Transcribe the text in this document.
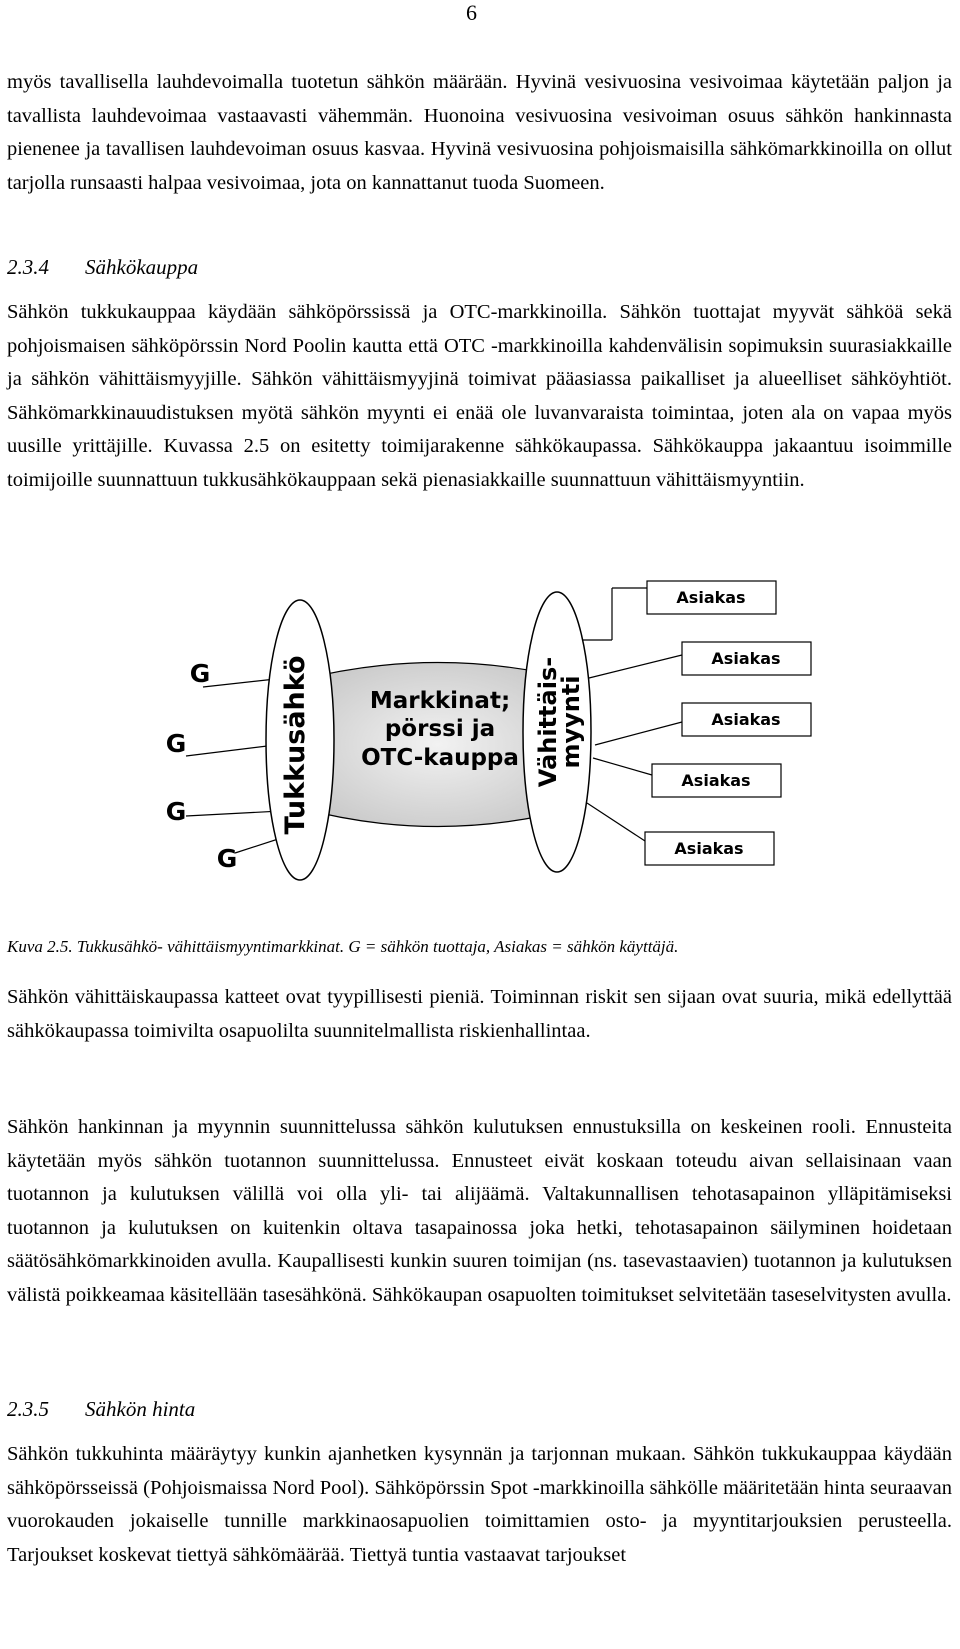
6

myös tavallisella lauhdevoimalla tuotetun sähkön määrään. Hyvinä vesivuosina vesivoimaa käytetään paljon ja tavallista lauhdevoimaa vastaavasti vähemmän. Huonoina vesivuosina vesivoiman osuus sähkön hankinnasta pienenee ja tavallisen lauhdevoiman osuus kasvaa. Hyvinä vesivuosina pohjoismaisilla sähkömarkkinoilla on ollut tarjolla runsaasti halpaa vesivoimaa, jota on kannattanut tuoda Suomeen.

2.3.4 Sähkökauppa

Sähkön tukkukauppaa käydään sähköpörssissä ja OTC-markkinoilla. Sähkön tuottajat myyvät sähköä sekä pohjoismaisen sähköpörssin Nord Poolin kautta että OTC -markkinoilla kahdenvälisin sopimuksin suurasiakkaille ja sähkön vähittäismyyjille. Sähkön vähittäismyyjinä toimivat pääasiassa paikalliset ja alueelliset sähköyhtiöt. Sähkömarkkinauudistuksen myötä sähkön myynti ei enää ole luvanvaraista toimintaa, joten ala on vapaa myös uusille yrittäjille. Kuvassa 2.5 on esitetty toimijarakenne sähkökaupassa. Sähkökauppa jakaantuu isoimmille toimijoille suunnattuun tukkusähkökauppaan sekä pienasiakkaille suunnattuun vähittäismyyntiin.

Markkinat;
pörssi ja
OTC-kauppa
Tukkusähkö	Vähittäis-
myynti
G
G
G
G
Asiakas
Asiakas
Asiakas
Asiakas
Asiakas

Kuva 2.5. Tukkusähkö- vähittäismyyntimarkkinat. G = sähkön tuottaja, Asiakas = sähkön käyttäjä.

Sähkön vähittäiskaupassa katteet ovat tyypillisesti pieniä. Toiminnan riskit sen sijaan ovat suuria, mikä edellyttää sähkökaupassa toimivilta osapuolilta suunnitelmallista riskienhallintaa.

Sähkön hankinnan ja myynnin suunnittelussa sähkön kulutuksen ennustuksilla on keskeinen rooli. Ennusteita käytetään myös sähkön tuotannon suunnittelussa. Ennusteet eivät koskaan toteudu aivan sellaisinaan vaan tuotannon ja kulutuksen välillä voi olla yli- tai alijäämä. Valtakunnallisen tehotasapainon ylläpitämiseksi tuotannon ja kulutuksen on kuitenkin oltava tasapainossa joka hetki, tehotasapainon säilyminen hoidetaan säätösähkömarkkinoiden avulla. Kaupallisesti kunkin suuren toimijan (ns. tasevastaavien) tuotannon ja kulutuksen välistä poikkeamaa käsitellään tasesähkönä. Sähkökaupan osapuolten toimitukset selvitetään taseselvitysten avulla.

2.3.5 Sähkön hinta

Sähkön tukkuhinta määräytyy kunkin ajanhetken kysynnän ja tarjonnan mukaan. Sähkön tukkukauppaa käydään sähköpörsseissä (Pohjoismaissa Nord Pool). Sähköpörssin Spot -markkinoilla sähkölle määritetään hinta seuraavan vuorokauden jokaiselle tunnille markkinaosapuolien toimittamien osto- ja myyntitarjouksien perusteella. Tarjoukset koskevat tiettyä sähkömäärää. Tiettyä tuntia vastaavat tarjoukset
